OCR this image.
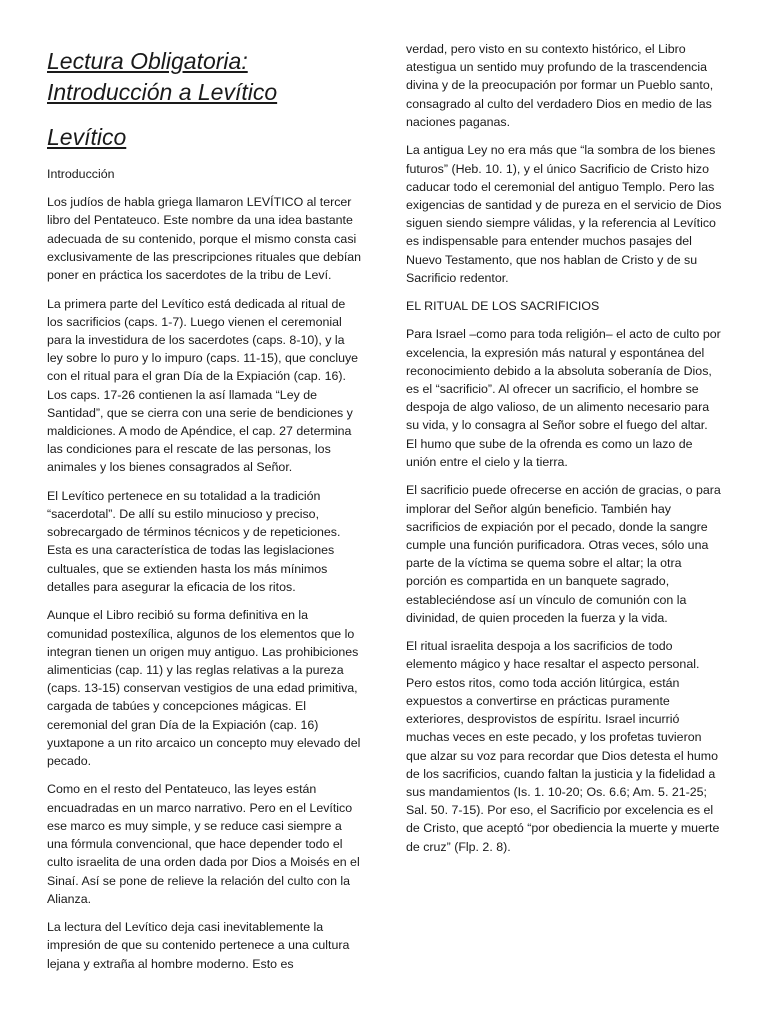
Lectura Obligatoria:
Introducción a Levítico
Levítico
Introducción

Los judíos de habla griega llamaron LEVÍTICO al tercer libro del Pentateuco. Este nombre da una idea bastante adecuada de su contenido, porque el mismo consta casi exclusivamente de las prescripciones rituales que debían poner en práctica los sacerdotes de la tribu de Leví.

La primera parte del Levítico está dedicada al ritual de los sacrificios (caps. 1-7). Luego vienen el ceremonial para la investidura de los sacerdotes (caps. 8-10), y la ley sobre lo puro y lo impuro (caps. 11-15), que concluye con el ritual para el gran Día de la Expiación (cap. 16). Los caps. 17-26 contienen la así llamada “Ley de Santidad”, que se cierra con una serie de bendiciones y maldiciones. A modo de Apéndice, el cap. 27 determina las condiciones para el rescate de las personas, los animales y los bienes consagrados al Señor.

El Levítico pertenece en su totalidad a la tradición “sacerdotal”. De allí su estilo minucioso y preciso, sobrecargado de términos técnicos y de repeticiones. Esta es una característica de todas las legislaciones cultuales, que se extienden hasta los más mínimos detalles para asegurar la eficacia de los ritos.

Aunque el Libro recibió su forma definitiva en la comunidad postexílica, algunos de los elementos que lo integran tienen un origen muy antiguo. Las prohibiciones alimenticias (cap. 11) y las reglas relativas a la pureza (caps. 13-15) conservan vestigios de una edad primitiva, cargada de tabúes y concepciones mágicas. El ceremonial del gran Día de la Expiación (cap. 16) yuxtapone a un rito arcaico un concepto muy elevado del pecado.

Como en el resto del Pentateuco, las leyes están encuadradas en un marco narrativo. Pero en el Levítico ese marco es muy simple, y se reduce casi siempre a una fórmula convencional, que hace depender todo el culto israelita de una orden dada por Dios a Moisés en el Sinaí. Así se pone de relieve la relación del culto con la Alianza.

La lectura del Levítico deja casi inevitablemente la impresión de que su contenido pertenece a una cultura lejana y extraña al hombre moderno. Esto es

verdad, pero visto en su contexto histórico, el Libro atestigua un sentido muy profundo de la trascendencia divina y de la preocupación por formar un Pueblo santo, consagrado al culto del verdadero Dios en medio de las naciones paganas.

La antigua Ley no era más que “la sombra de los bienes futuros” (Heb. 10. 1), y el único Sacrificio de Cristo hizo caducar todo el ceremonial del antiguo Templo. Pero las exigencias de santidad y de pureza en el servicio de Dios siguen siendo siempre válidas, y la referencia al Levítico es indispensable para entender muchos pasajes del Nuevo Testamento, que nos hablan de Cristo y de su Sacrificio redentor.

EL RITUAL DE LOS SACRIFICIOS

Para Israel –como para toda religión– el acto de culto por excelencia, la expresión más natural y espontánea del reconocimiento debido a la absoluta soberanía de Dios, es el “sacrificio”. Al ofrecer un sacrificio, el hombre se despoja de algo valioso, de un alimento necesario para su vida, y lo consagra al Señor sobre el fuego del altar. El humo que sube de la ofrenda es como un lazo de unión entre el cielo y la tierra.

El sacrificio puede ofrecerse en acción de gracias, o para implorar del Señor algún beneficio. También hay sacrificios de expiación por el pecado, donde la sangre cumple una función purificadora. Otras veces, sólo una parte de la víctima se quema sobre el altar; la otra porción es compartida en un banquete sagrado, estableciéndose así un vínculo de comunión con la divinidad, de quien proceden la fuerza y la vida.

El ritual israelita despoja a los sacrificios de todo elemento mágico y hace resaltar el aspecto personal. Pero estos ritos, como toda acción litúrgica, están expuestos a convertirse en prácticas puramente exteriores, desprovistos de espíritu. Israel incurrió muchas veces en este pecado, y los profetas tuvieron que alzar su voz para recordar que Dios detesta el humo de los sacrificios, cuando faltan la justicia y la fidelidad a sus mandamientos (Is. 1. 10-20; Os. 6.6; Am. 5. 21-25; Sal. 50. 7-15). Por eso, el Sacrificio por excelencia es el de Cristo, que aceptó “por obediencia la muerte y muerte de cruz” (Flp. 2. 8).
